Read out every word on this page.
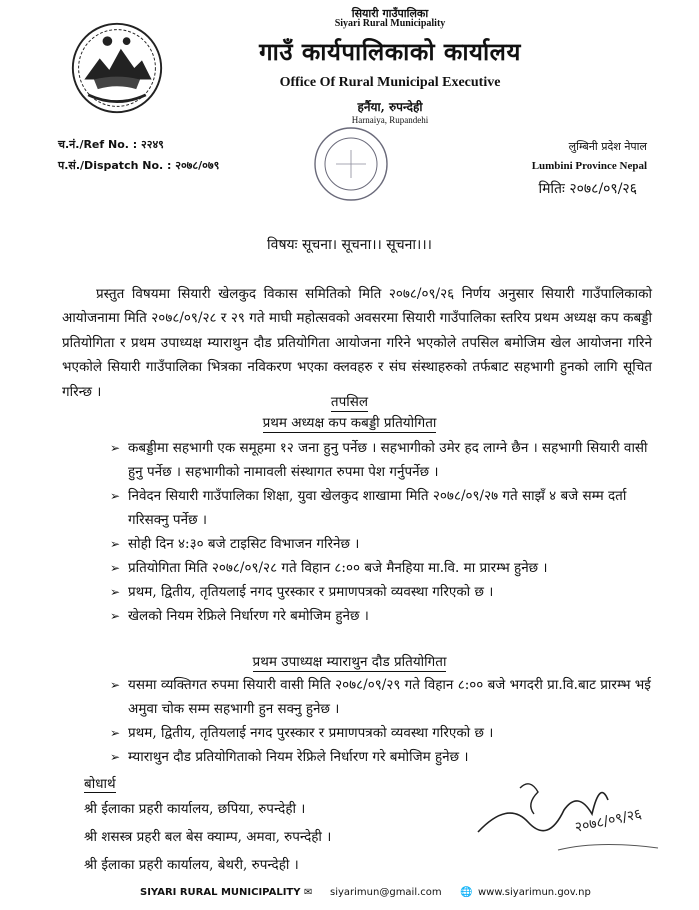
सियारी गाउँपालिका
Siyari Rural Municipality
गाउँ कार्यपालिकाको कार्यालय
Office Of Rural Municipal Executive
हर्नैया, रुपन्देही
Harnaiya, Rupandehi
च.नं./Ref No. : २२४९
प.सं./Dispatch No. : २०७८/०७९
लुम्बिनी प्रदेश नेपाल
Lumbini Province Nepal
मितिः २०७८/०९/२६
विषयः सूचना। सूचना।। सूचना।।।

प्रस्तुत विषयमा सियारी खेलकुद विकास समितिको मिति २०७८/०९/२६ निर्णय अनुसार सियारी गाउँपालिकाको आयोजनामा मिति २०७८/०९/२८ र २९ गते माघी महोत्सवको अवसरमा सियारी गाउँपालिका स्तरिय प्रथम अध्यक्ष कप कबड्डी प्रतियोगिता र प्रथम उपाध्यक्ष म्याराथुन दौड प्रतियोगिता आयोजना गरिने भएकोले तपसिल बमोजिम खेल आयोजना गरिने भएकोले सियारी गाउँपालिका भित्रका नविकरण भएका क्लवहरु र संघ संस्थाहरुको तर्फबाट सहभागी हुनको लागि सूचित गरिन्छ ।

तपसिल
प्रथम अध्यक्ष कप कबड्डी प्रतियोगिता
➢ कबड्डीमा सहभागी एक समूहमा १२ जना हुनु पर्नेछ । सहभागीको उमेर हद लाग्ने छैन । सहभागी सियारी वासी हुनु पर्नेछ । सहभागीको नामावली संस्थागत रुपमा पेश गर्नुपर्नेछ ।
➢ निवेदन सियारी गाउँपालिका शिक्षा, युवा खेलकुद शाखामा मिति २०७८/०९/२७ गते साझँ ४ बजे सम्म दर्ता गरिसक्नु पर्नेछ ।
➢ सोही दिन ४:३० बजे टाइसिट विभाजन गरिनेछ ।
➢ प्रतियोगिता मिति २०७८/०९/२८ गते विहान ८:०० बजे मैनहिया मा.वि. मा प्रारम्भ हुनेछ ।
➢ प्रथम, द्वितीय, तृतियलाई नगद पुरस्कार र प्रमाणपत्रको व्यवस्था गरिएको छ ।
➢ खेलको नियम रेफ्रिले निर्धारण गरे बमोजिम हुनेछ ।
प्रथम उपाध्यक्ष म्याराथुन दौड प्रतियोगिता
➢ यसमा व्यक्तिगत रुपमा सियारी वासी मिति २०७८/०९/२९ गते विहान ८:०० बजे भगदरी प्रा.वि.बाट प्रारम्भ भई अमुवा चोक सम्म सहभागी हुन सक्नु हुनेछ ।
➢ प्रथम, द्वितीय, तृतियलाई नगद पुरस्कार र प्रमाणपत्रको व्यवस्था गरिएको छ ।
➢ म्याराथुन दौड प्रतियोगिताको नियम रेफ्रिले निर्धारण गरे बमोजिम हुनेछ ।
बोधार्थ
श्री ईलाका प्रहरी कार्यालय, छपिया, रुपन्देही ।
श्री शसस्त्र प्रहरी बल बेस क्याम्प, अमवा, रुपन्देही ।
श्री ईलाका प्रहरी कार्यालय, बेथरी, रुपन्देही ।
२०७८/०९/२६
SIYARI RURAL MUNICIPALITY ✉ siyarimun@gmail.com 🌐 www.siyarimun.gov.np
